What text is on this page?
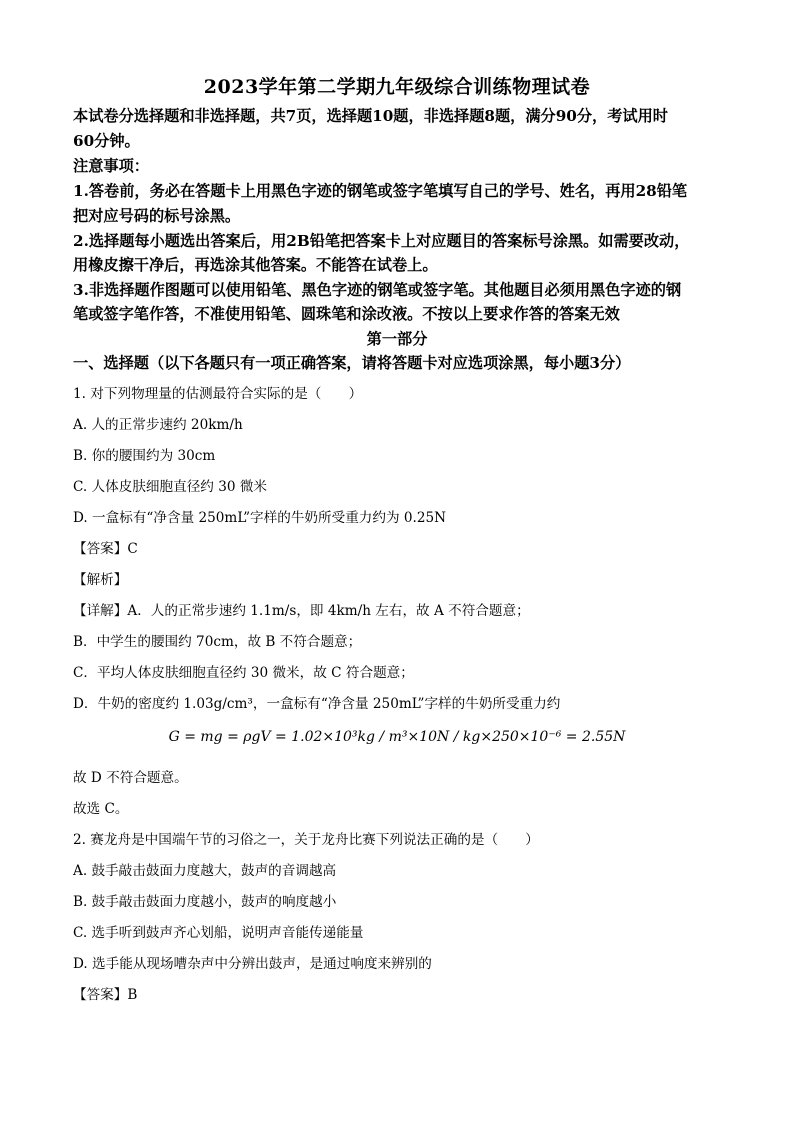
2023学年第二学期九年级综合训练物理试卷
本试卷分选择题和非选择题，共7页，选择题10题，非选择题8题，满分90分，考试用时
60分钟。
注意事项：
1.答卷前，务必在答题卡上用黑色字迹的钢笔或签字笔填写自己的学号、姓名，再用28铅笔
把对应号码的标号涂黑。
2.选择题每小题选出答案后，用2B铅笔把答案卡上对应题目的答案标号涂黑。如需要改动，
用橡皮擦干净后，再选涂其他答案。不能答在试卷上。
3.非选择题作图题可以使用铅笔、黑色字迹的钢笔或签字笔。其他题目必须用黑色字迹的钢
笔或签字笔作答，不准使用铅笔、圆珠笔和涂改液。不按以上要求作答的答案无效
第一部分
一、选择题（以下各题只有一项正确答案，请将答题卡对应选项涂黑，每小题3分）
1. 对下列物理量的估测最符合实际的是（　　）
A. 人的正常步速约 20km/h
B. 你的腰围约为 30cm
C. 人体皮肤细胞直径约 30 微米
D. 一盒标有“净含量 250mL”字样的牛奶所受重力约为 0.25N
【答案】C
【解析】
【详解】A．人的正常步速约 1.1m/s，即 4km/h 左右，故 A 不符合题意；
B．中学生的腰围约 70cm，故 B 不符合题意；
C．平均人体皮肤细胞直径约 30 微米，故 C 符合题意；
D．牛奶的密度约 1.03g/cm³，一盒标有“净含量 250mL”字样的牛奶所受重力约
G = mg = ρgV = 1.02×10³kg / m³×10N / kg×250×10⁻⁶ = 2.55N
故 D 不符合题意。
故选 C。
2. 赛龙舟是中国端午节的习俗之一，关于龙舟比赛下列说法正确的是（　　）
A. 鼓手敲击鼓面力度越大，鼓声的音调越高
B. 鼓手敲击鼓面力度越小，鼓声的响度越小
C. 选手听到鼓声齐心划船，说明声音能传递能量
D. 选手能从现场嘈杂声中分辨出鼓声，是通过响度来辨别的
【答案】B
